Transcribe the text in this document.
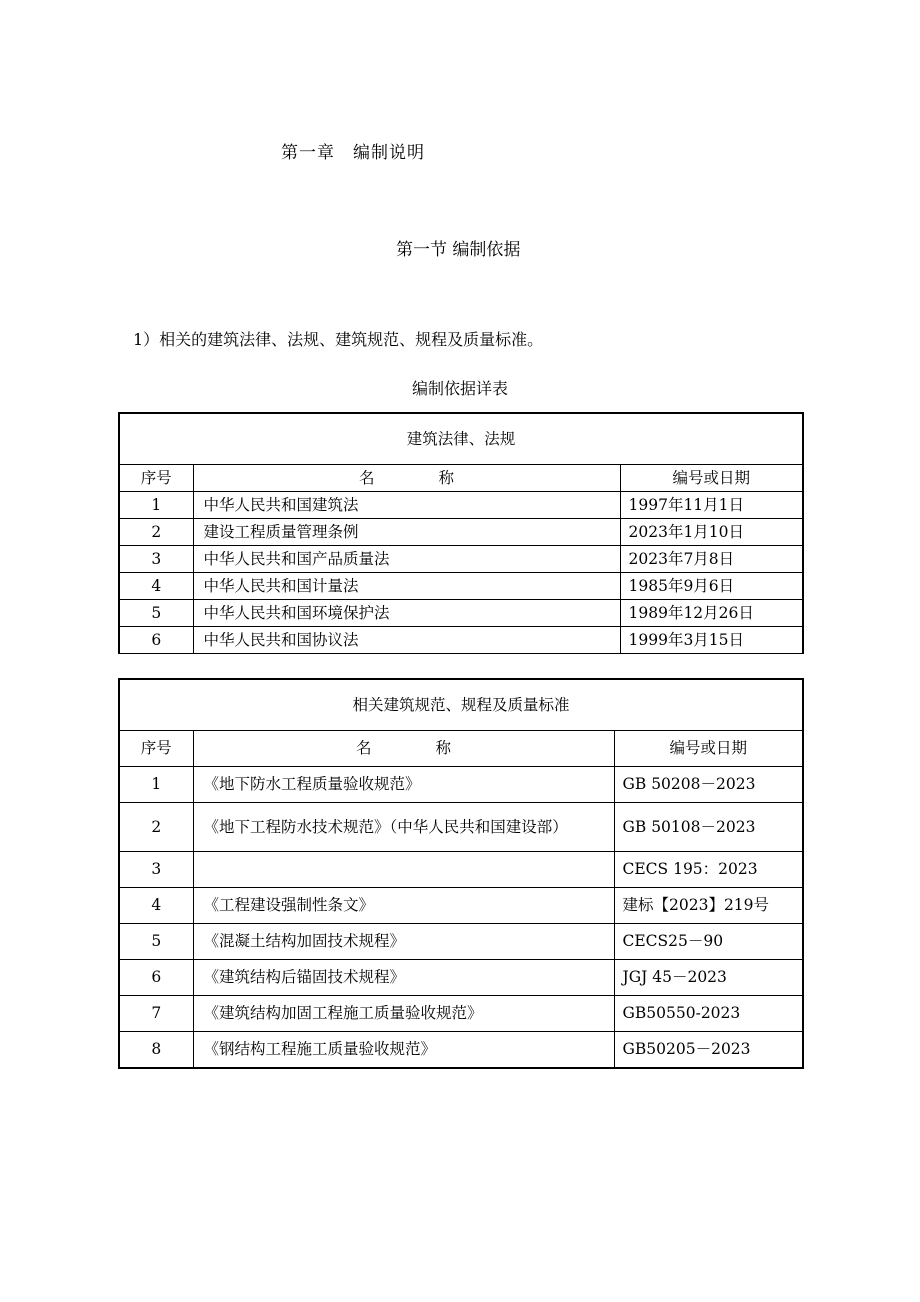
第一章 编制说明
第一节 编制依据
1）相关的建筑法律、法规、建筑规范、规程及质量标准。
编制依据详表
建筑法律、法规		
序号	名 称	编号或日期
1	中华人民共和国建筑法	1997年11月1日
2	建设工程质量管理条例	2023年1月10日
3	中华人民共和国产品质量法	2023年7月8日
4	中华人民共和国计量法	1985年9月6日
5	中华人民共和国环境保护法	1989年12月26日
6	中华人民共和国协议法	1999年3月15日
相关建筑规范、规程及质量标准		
序号	名 称	编号或日期
1	《地下防水工程质量验收规范》	GB 50208－2023
2	《地下工程防水技术规范》（中华人民共和国建设部）	GB 50108－2023
3		CECS 195：2023
4	《工程建设强制性条文》	建标【2023】219号
5	《混凝土结构加固技术规程》	CECS25－90
6	《建筑结构后锚固技术规程》	JGJ 45－2023
7	《建筑结构加固工程施工质量验收规范》	GB50550-2023
8	《钢结构工程施工质量验收规范》	GB50205－2023
